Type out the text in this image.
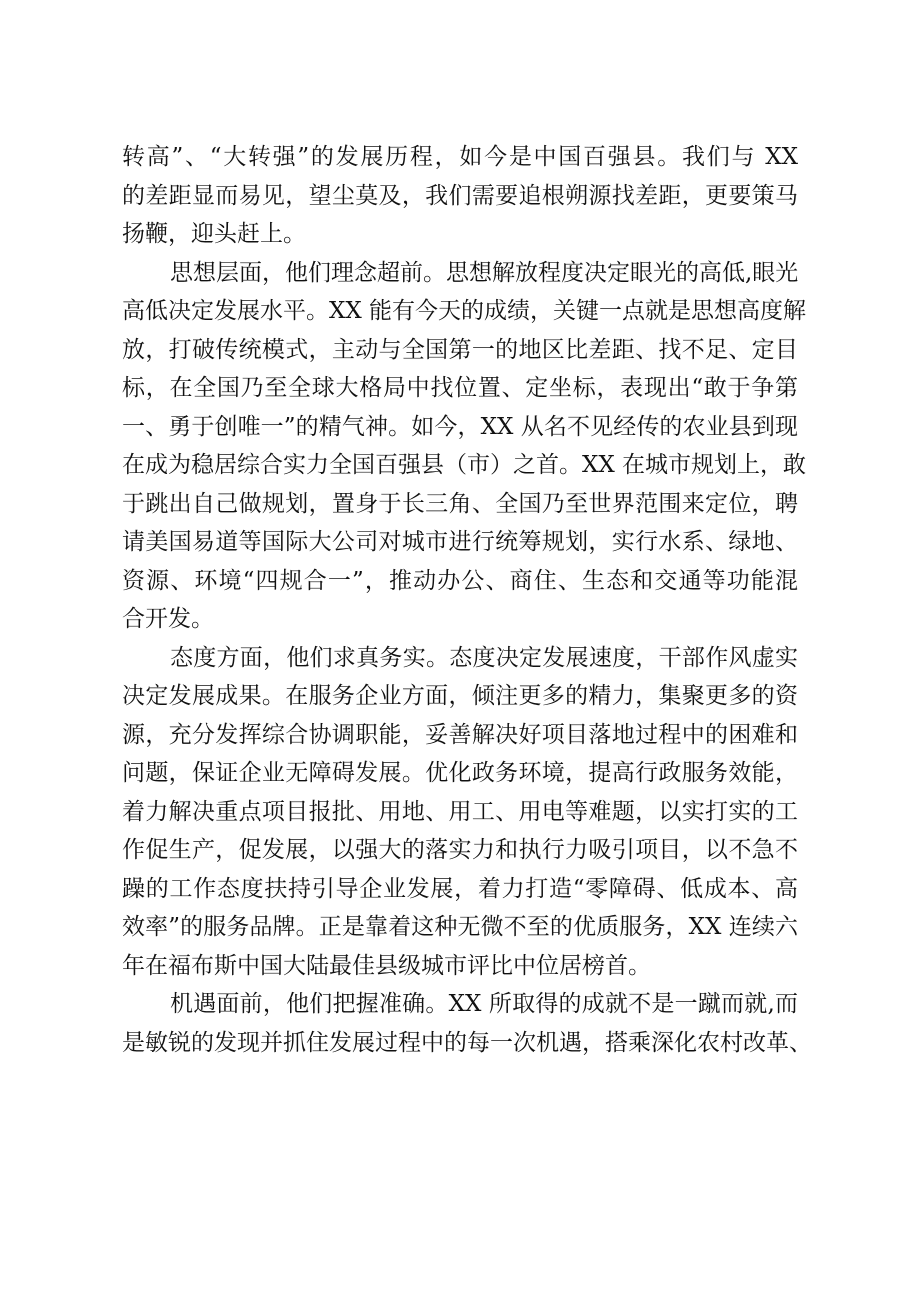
转高”、“大转强”的发展历程，如今是中国百强县。我们与 XX
的差距显而易见，望尘莫及，我们需要追根朔源找差距，更要策马
扬鞭，迎头赶上。
思想层面，他们理念超前。思想解放程度决定眼光的高低,眼光
高低决定发展水平。XX 能有今天的成绩，关键一点就是思想高度解
放，打破传统模式，主动与全国第一的地区比差距、找不足、定目
标，在全国乃至全球大格局中找位置、定坐标，表现出“敢于争第
一、勇于创唯一”的精气神。如今，XX 从名不见经传的农业县到现
在成为稳居综合实力全国百强县（市）之首。XX 在城市规划上，敢
于跳出自己做规划，置身于长三角、全国乃至世界范围来定位，聘
请美国易道等国际大公司对城市进行统筹规划，实行水系、绿地、
资源、环境“四规合一”，推动办公、商住、生态和交通等功能混
合开发。
态度方面，他们求真务实。态度决定发展速度，干部作风虚实
决定发展成果。在服务企业方面，倾注更多的精力，集聚更多的资
源，充分发挥综合协调职能，妥善解决好项目落地过程中的困难和
问题，保证企业无障碍发展。优化政务环境，提高行政服务效能，
着力解决重点项目报批、用地、用工、用电等难题，以实打实的工
作促生产，促发展，以强大的落实力和执行力吸引项目，以不急不
躁的工作态度扶持引导企业发展，着力打造“零障碍、低成本、高
效率”的服务品牌。正是靠着这种无微不至的优质服务，XX 连续六
年在福布斯中国大陆最佳县级城市评比中位居榜首。
机遇面前，他们把握准确。XX 所取得的成就不是一蹴而就,而
是敏锐的发现并抓住发展过程中的每一次机遇，搭乘深化农村改革、
